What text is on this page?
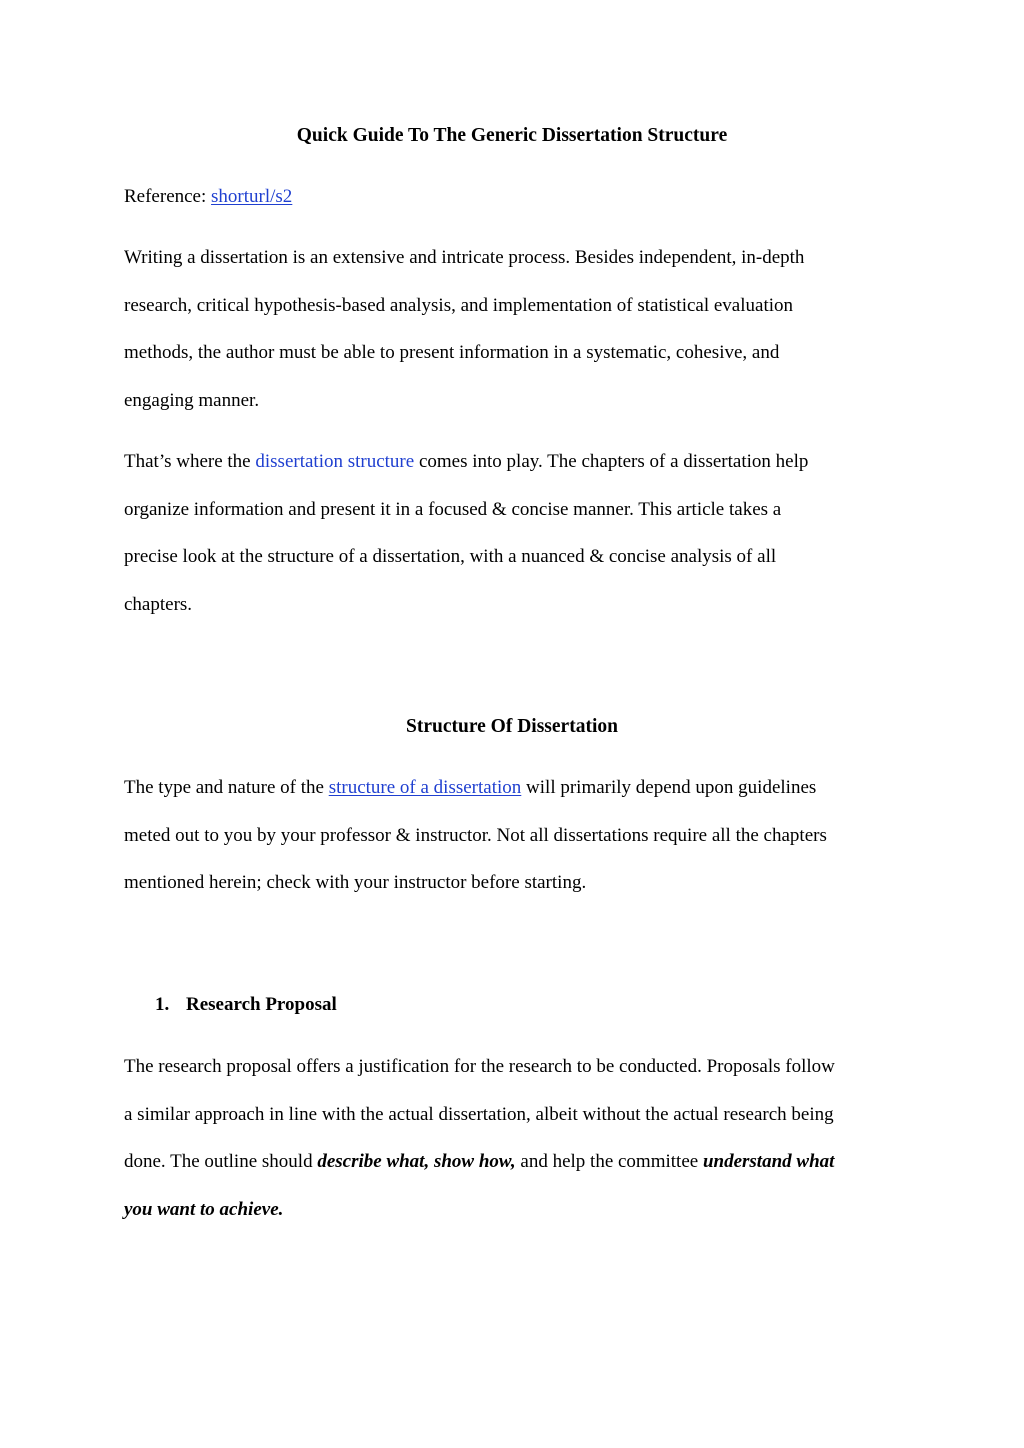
Quick Guide To The Generic Dissertation Structure
Reference: shorturl/s2
Writing a dissertation is an extensive and intricate process. Besides independent, in-depth
research, critical hypothesis-based analysis, and implementation of statistical evaluation
methods, the author must be able to present information in a systematic, cohesive, and
engaging manner.
That’s where the dissertation structure comes into play. The chapters of a dissertation help
organize information and present it in a focused & concise manner. This article takes a
precise look at the structure of a dissertation, with a nuanced & concise analysis of all
chapters.
Structure Of Dissertation
The type and nature of the structure of a dissertation will primarily depend upon guidelines
meted out to you by your professor & instructor. Not all dissertations require all the chapters
mentioned herein; check with your instructor before starting.
1. Research Proposal
The research proposal offers a justification for the research to be conducted. Proposals follow
a similar approach in line with the actual dissertation, albeit without the actual research being
done. The outline should describe what, show how, and help the committee understand what
you want to achieve.
